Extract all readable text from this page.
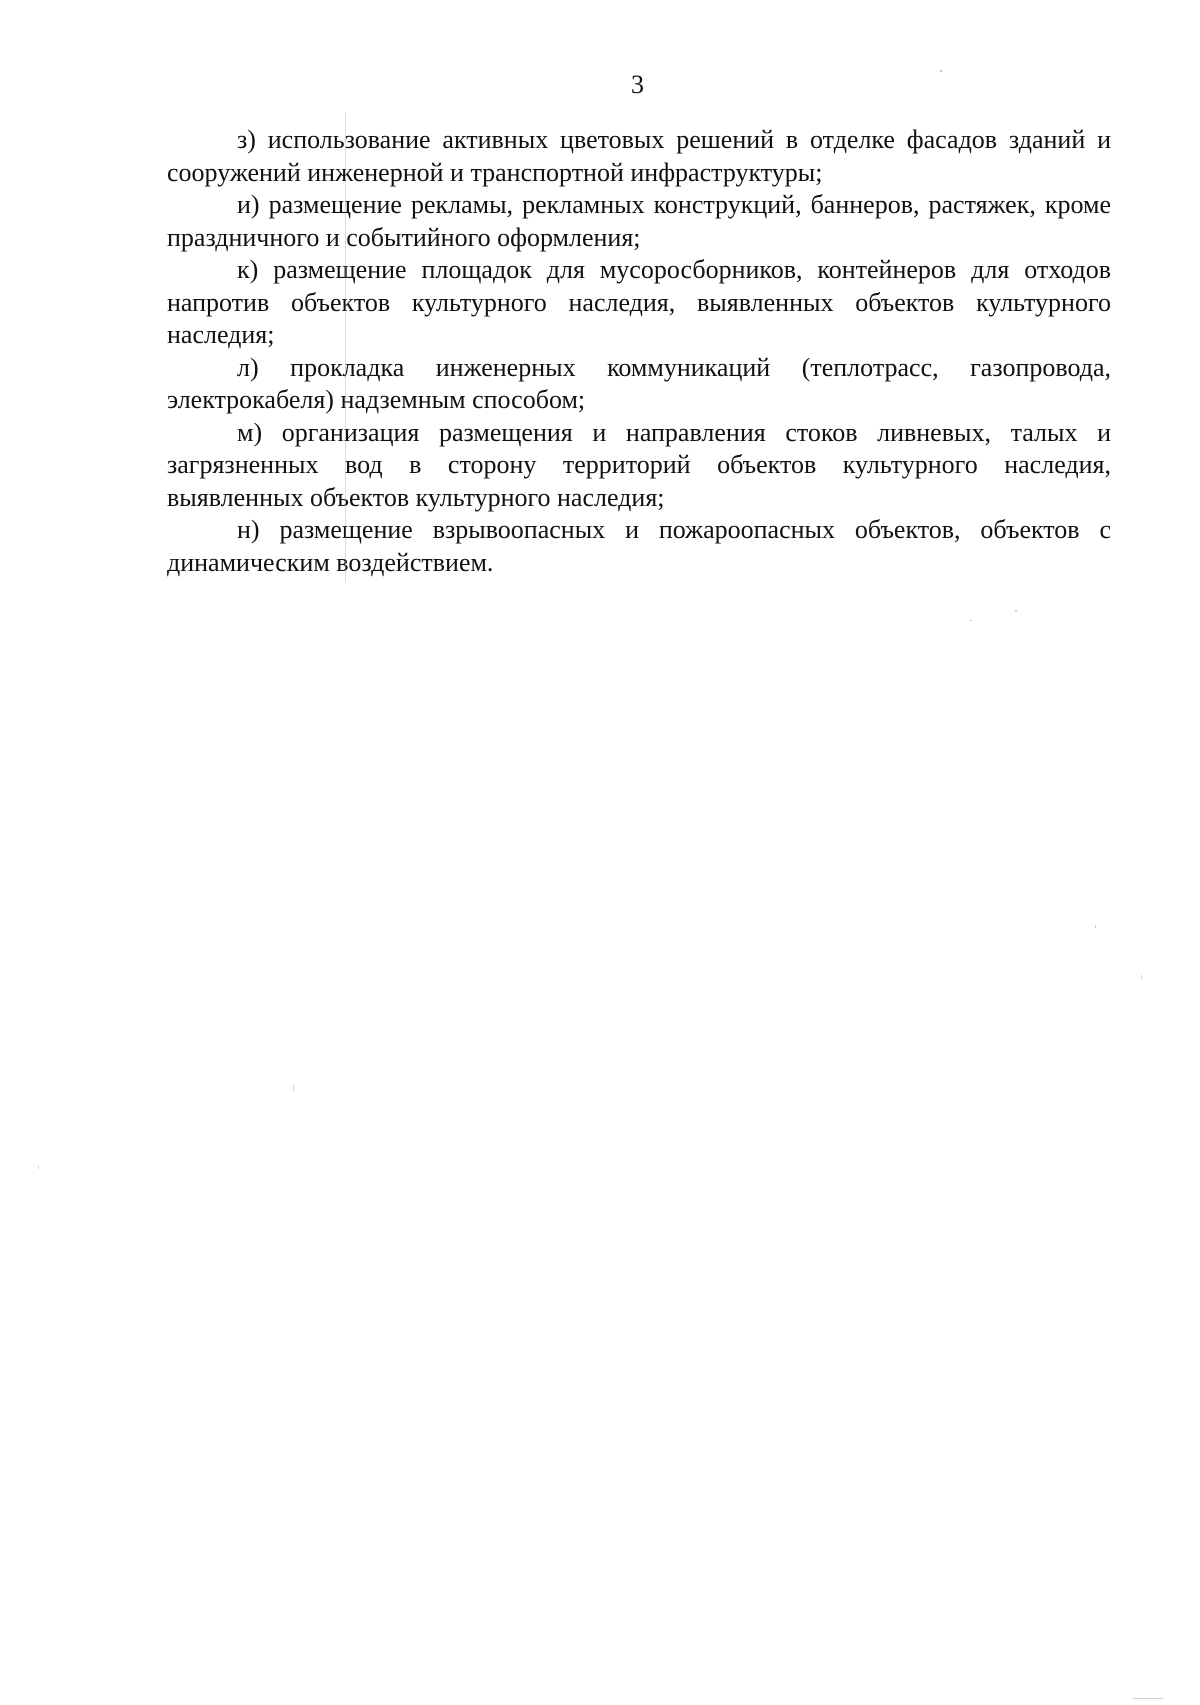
3

з) использование активных цветовых решений в отделке фасадов зданий и сооружений инженерной и транспортной инфраструктуры;

и) размещение рекламы, рекламных конструкций, баннеров, растяжек, кроме праздничного и событийного оформления;

к) размещение площадок для мусоросборников, контейнеров для отходов напротив объектов культурного наследия, выявленных объектов культурного наследия;

л) прокладка инженерных коммуникаций (теплотрасс, газопровода, электрокабеля) надземным способом;

м) организация размещения и направления стоков ливневых, талых и загрязненных вод в сторону территорий объектов культурного наследия, выявленных объектов культурного наследия;

н) размещение взрывоопасных и пожароопасных объектов, объектов с динамическим воздействием.
